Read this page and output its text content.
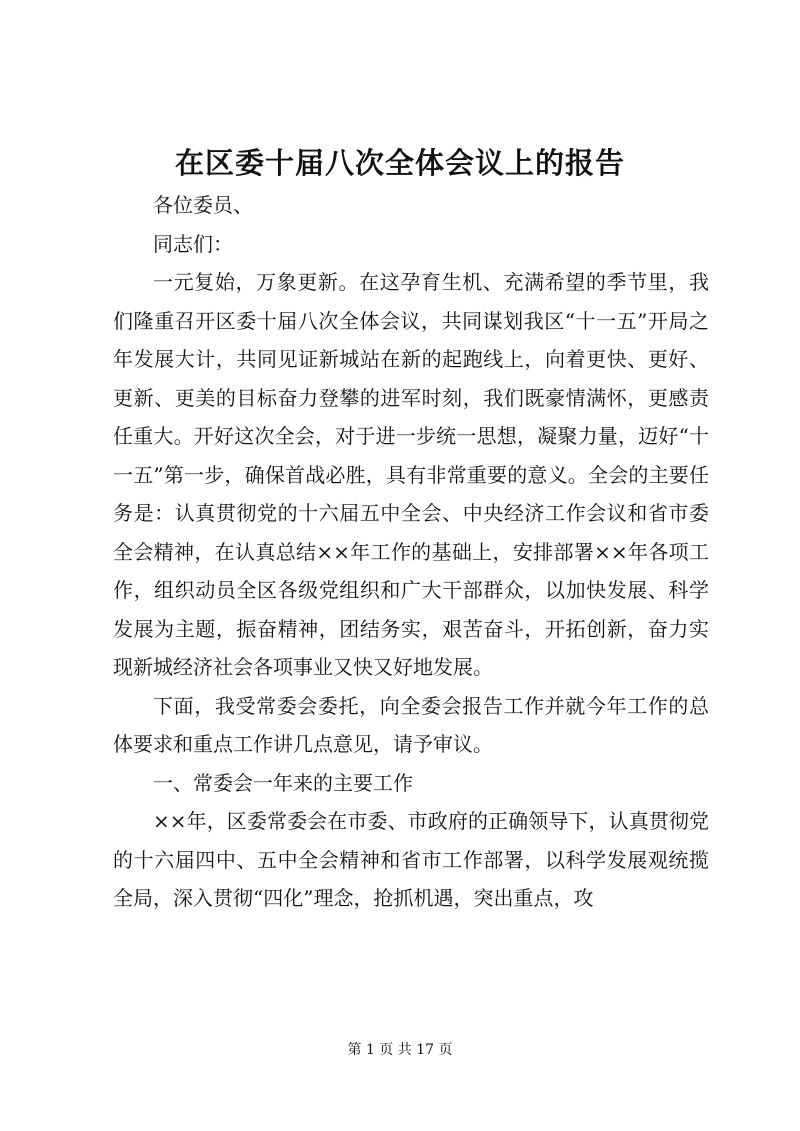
在区委十届八次全体会议上的报告

各位委员、

同志们：

一元复始，万象更新。在这孕育生机、充满希望的季节里，我们隆重召开区委十届八次全体会议，共同谋划我区“十一五”开局之年发展大计，共同见证新城站在新的起跑线上，向着更快、更好、更新、更美的目标奋力登攀的进军时刻，我们既豪情满怀，更感责任重大。开好这次全会，对于进一步统一思想，凝聚力量，迈好“十一五”第一步，确保首战必胜，具有非常重要的意义。全会的主要任务是：认真贯彻党的十六届五中全会、中央经济工作会议和省市委全会精神，在认真总结××年工作的基础上，安排部署××年各项工作，组织动员全区各级党组织和广大干部群众，以加快发展、科学发展为主题，振奋精神，团结务实，艰苦奋斗，开拓创新，奋力实现新城经济社会各项事业又快又好地发展。

下面，我受常委会委托，向全委会报告工作并就今年工作的总体要求和重点工作讲几点意见，请予审议。

一、常委会一年来的主要工作

××年，区委常委会在市委、市政府的正确领导下，认真贯彻党的十六届四中、五中全会精神和省市工作部署，以科学发展观统揽全局，深入贯彻“四化”理念，抢抓机遇，突出重点，攻

第 1 页 共 17 页
